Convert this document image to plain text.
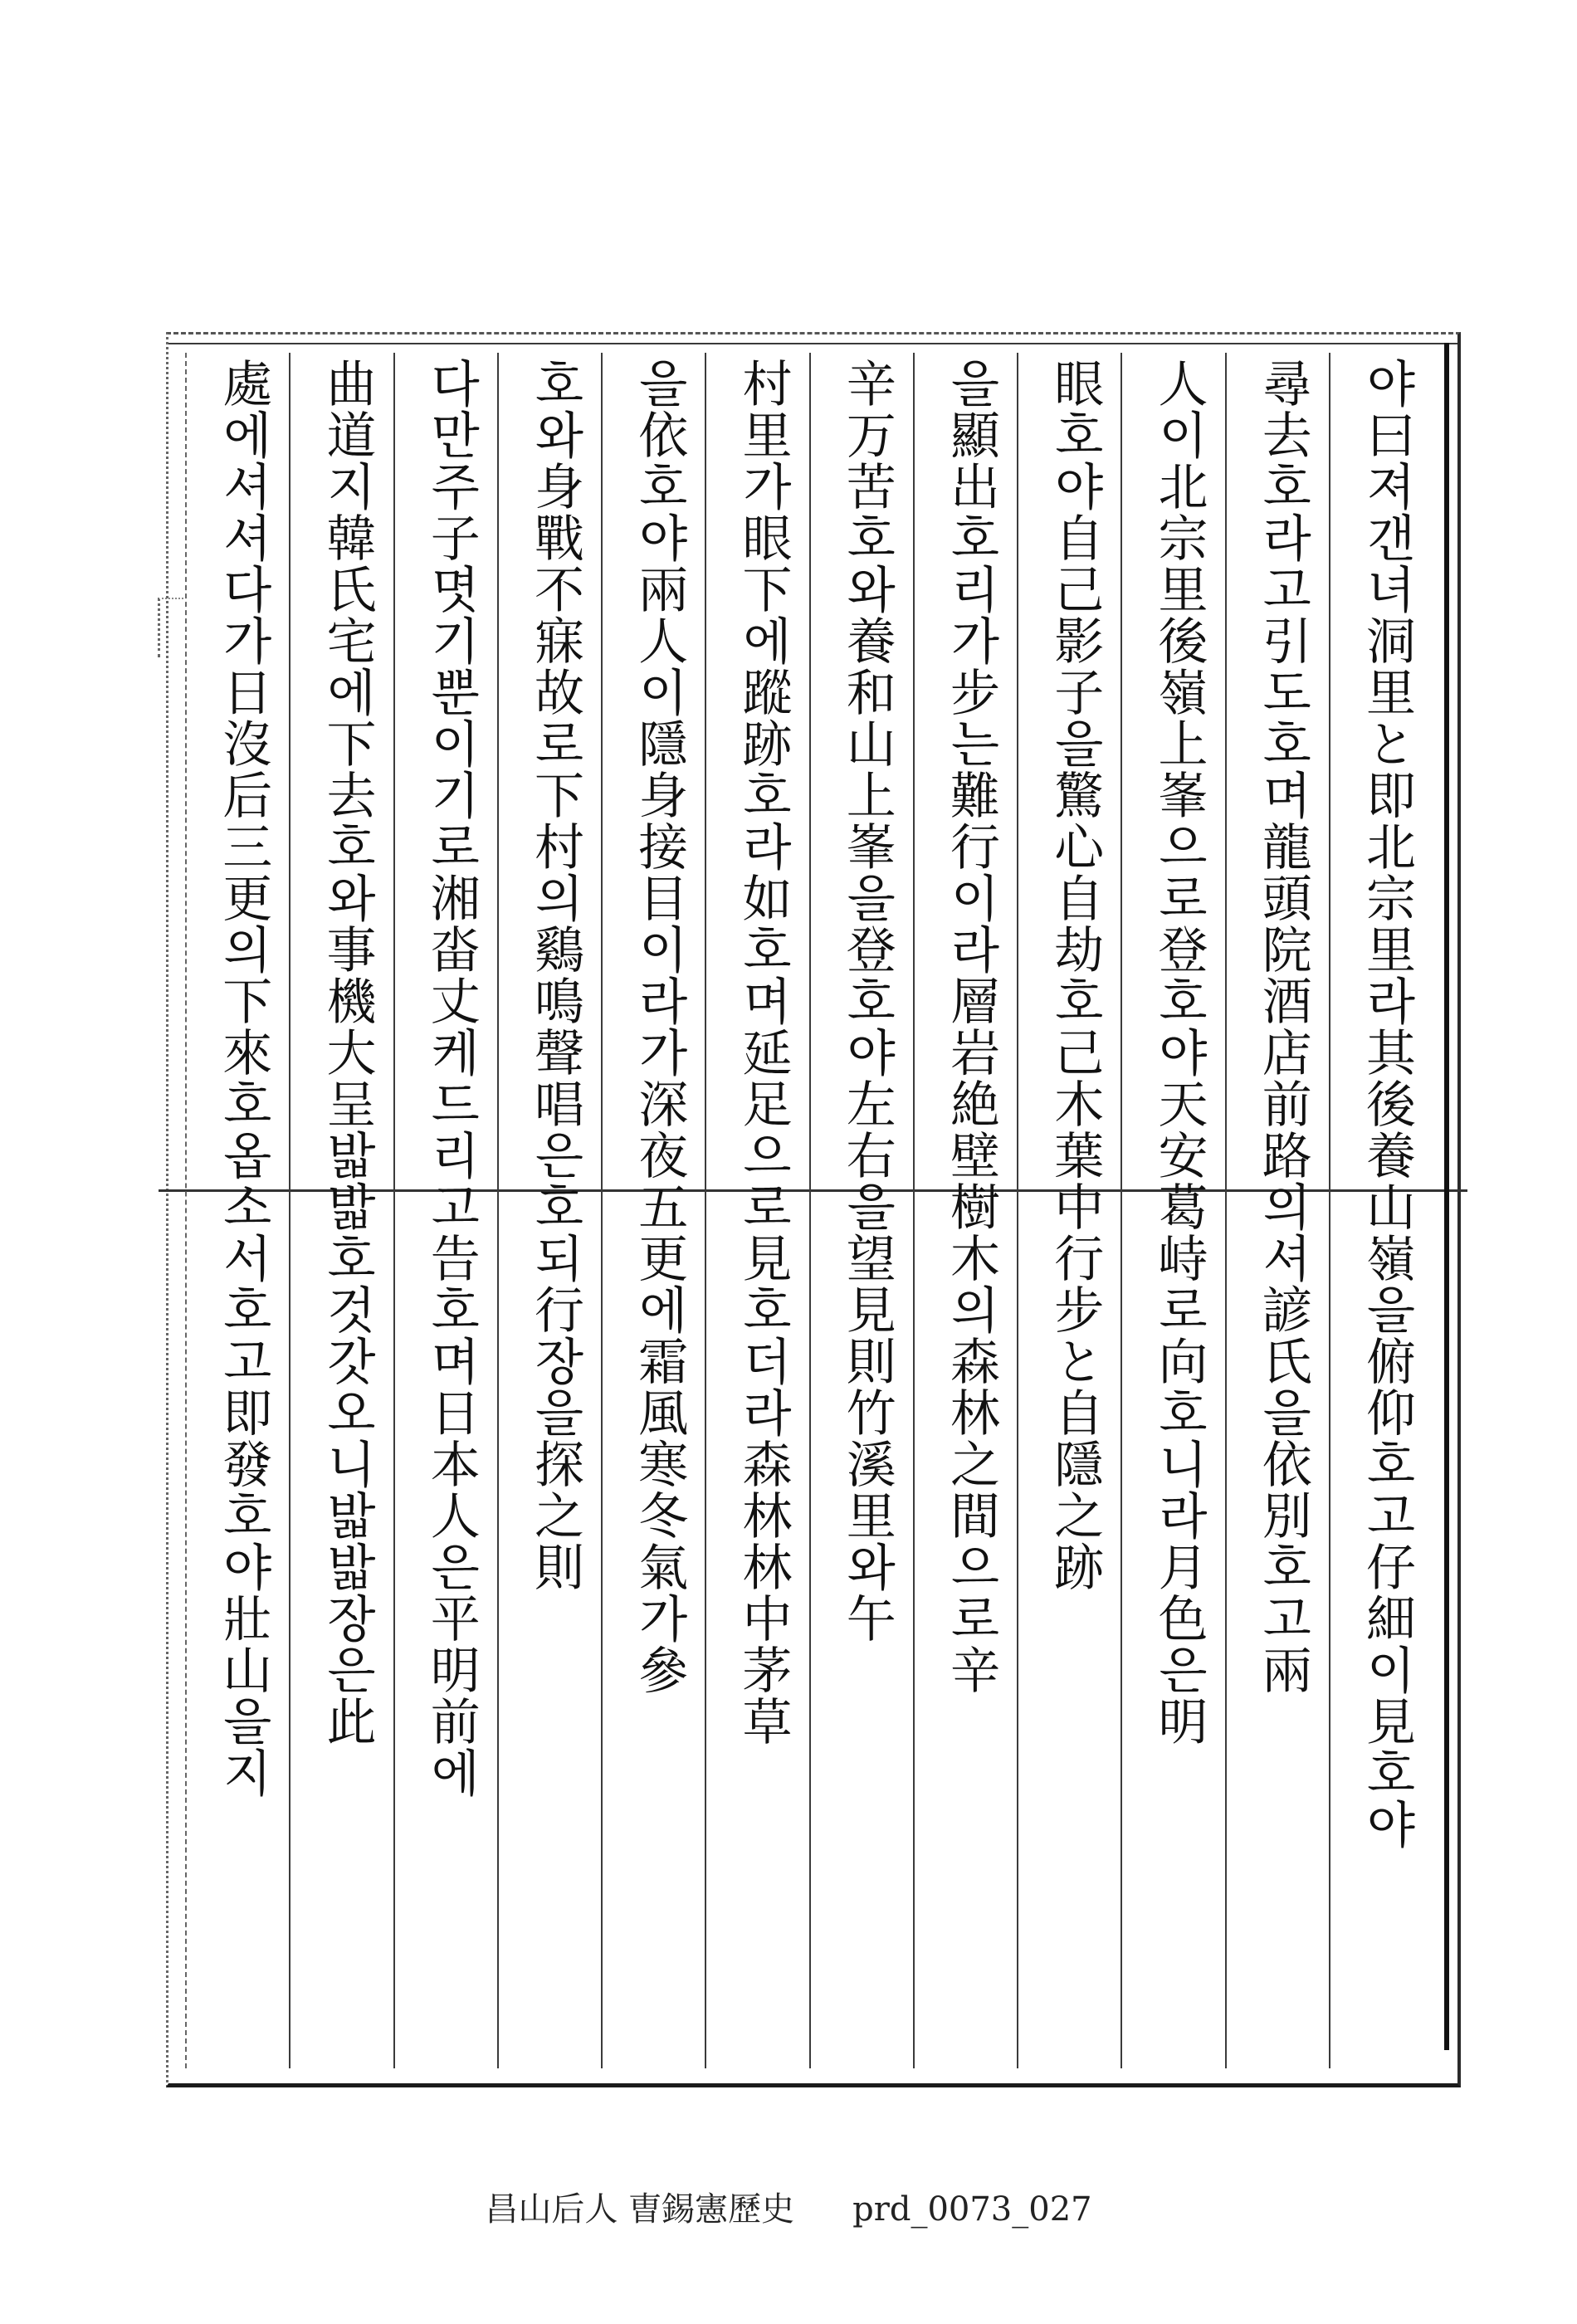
야曰져갠녀洞里と即北宗里라其後養山嶺을俯仰호고仔細이見호야
尋去호라고引도호며龍頭院酒店前路의셔諺氏을依別호고兩
人이北宗里後嶺上峯으로登호야天安葛峙로向호니라月色은明
眼호야自己影子을驚心自劫호己木葉中行步と自隱之跡
을顯出호리가步는難行이라層岩絶壁樹木의森林之間으로辛
辛万苦호와養和山上峯을登호야左右을望見則竹溪里와午
村里가眼下에蹤跡호라如호며延足으로見호더라森林林中茅草
을依호야兩人이隱身接目이라가深夜五更에霜風寒冬氣가參
호와身戰不寐故로下村의鷄鳴聲唱은호되行장을探之則
다만주子몃기뿐이기로湘畓丈케드리고告호며日本人은平明前에
曲道지韓氏宅에下去호와事機大呈밟밟호것갓오니밟밟장은此
處에셔셔다가日沒后三更의下來호옵소서호고即發호야壯山을지
昌山后人 曺錫憲歷史 prd_0073_027
